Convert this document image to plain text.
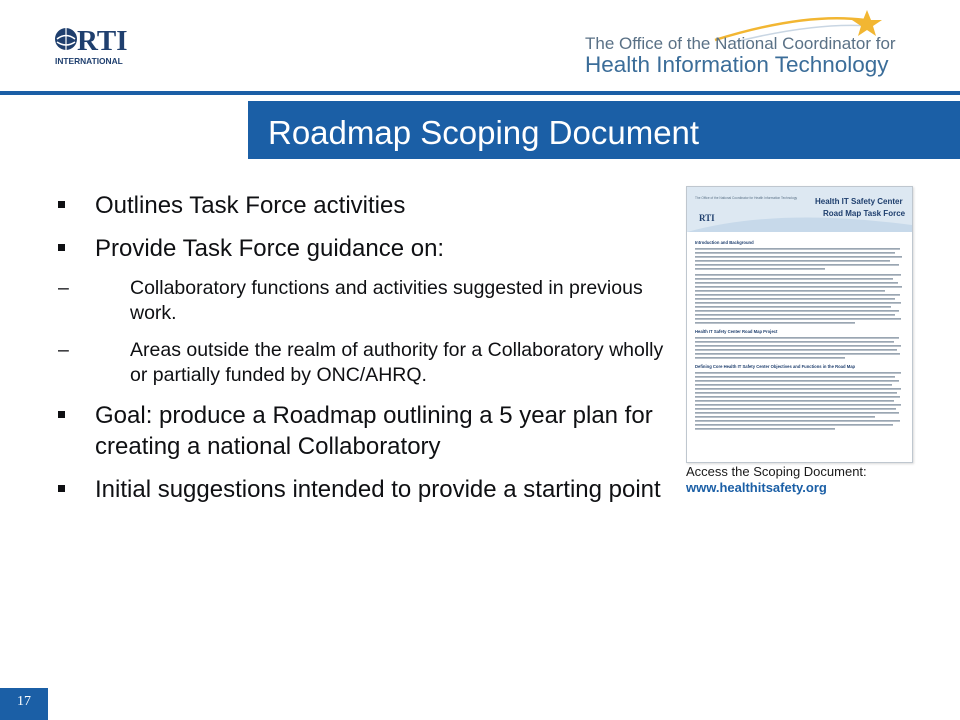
RTI
INTERNATIONAL
The Office of the National Coordinator for
Health Information Technology
Roadmap Scoping Document
Outlines Task Force activities
Provide Task Force guidance on:
–	Collaboratory functions and activities suggested in previous work.
–	Areas outside the realm of authority for a Collaboratory wholly or partially funded by ONC/AHRQ.
Goal: produce a Roadmap outlining a 5 year plan for creating a national Collaboratory
Initial suggestions intended to provide a starting point
The Office of the National Coordinator for Health Information Technology
RTI
Health IT Safety Center
Road Map Task Force
Introduction and Background
Health IT Safety Center Road Map Project
Defining Core Health IT Safety Center Objectives and Functions in the Road Map
Access the Scoping Document:
www.healthitsafety.org
17
